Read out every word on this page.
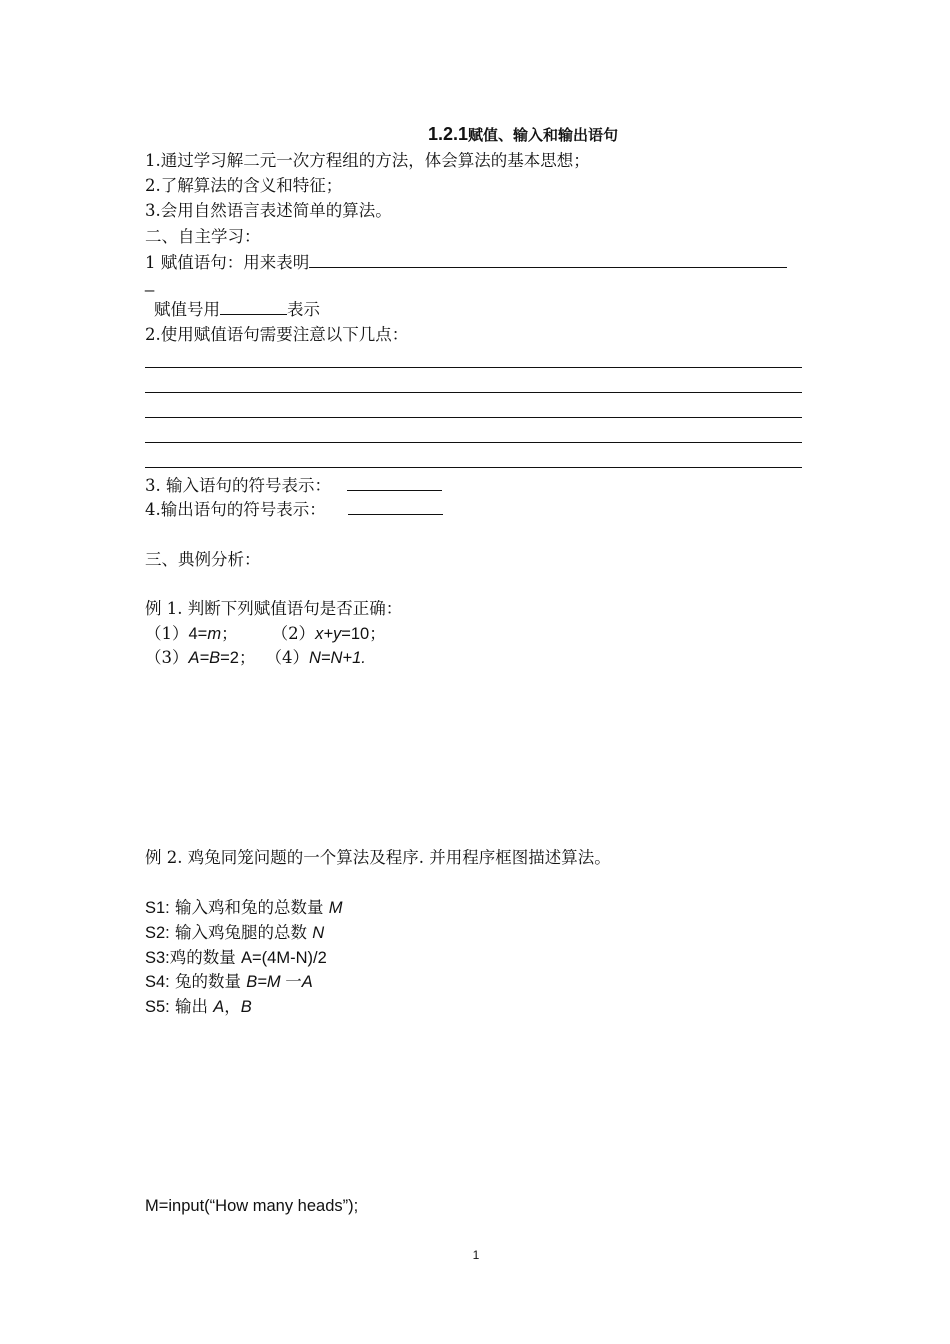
1.2.1赋值、输入和输出语句
1.通过学习解二元一次方程组的方法，体会算法的基本思想；
2.了解算法的含义和特征；
3.会用自然语言表述简单的算法。
二、自主学习：
1 赋值语句：用来表明
_
赋值号用	表示
2.使用赋值语句需要注意以下几点：
3. 输入语句的符号表示：
4.输出语句的符号表示：
三、典例分析：
例 1. 判断下列赋值语句是否正确：
（1）4=m； （2）x+y=10；
（3）A=B=2； （4）N=N+1.
例 2. 鸡兔同笼问题的一个算法及程序. 并用程序框图描述算法。
S1: 输入鸡和兔的总数量 M
S2: 输入鸡兔腿的总数 N
S3:鸡的数量 A=(4M-N)/2
S4: 兔的数量 B=M 一A
S5: 输出 A，B
M=input(“How many heads”);
1
